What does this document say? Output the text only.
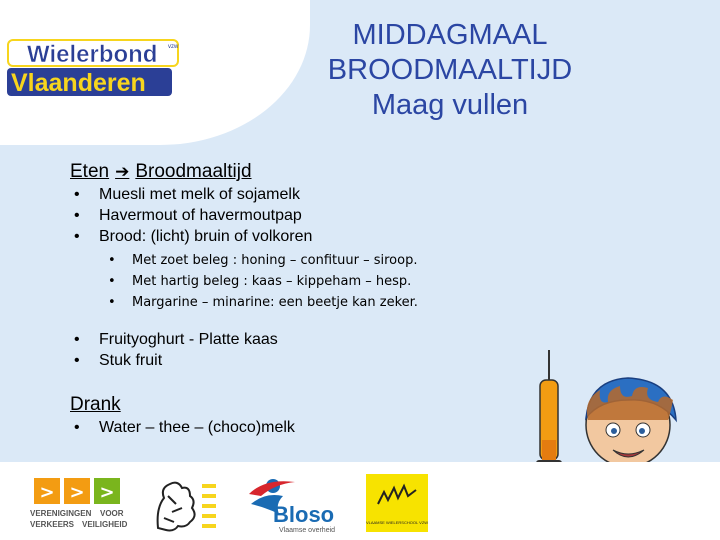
Wielerbond vzw
Vlaanderen
MIDDAGMAAL
BROODMAALTIJD
Maag vullen
Eten ➔ Broodmaaltijd
• Muesli met melk of sojamelk
• Havermout of havermoutpap
• Brood: (licht) bruin of volkoren
• Met zoet beleg : honing – confituur – siroop.
• Met hartig beleg : kaas – kippeham – hesp.
• Margarine – minarine: een beetje kan zeker.
• Fruityoghurt - Platte kaas
• Stuk fruit
Drank
• Water – thee – (choco)melk
> > >
VERENIGINGEN VOOR
VERKEERS VEILIGHEID	Bloso
Vlaamse overheid
VLAAMSE WIELERSCHOOL VZW
